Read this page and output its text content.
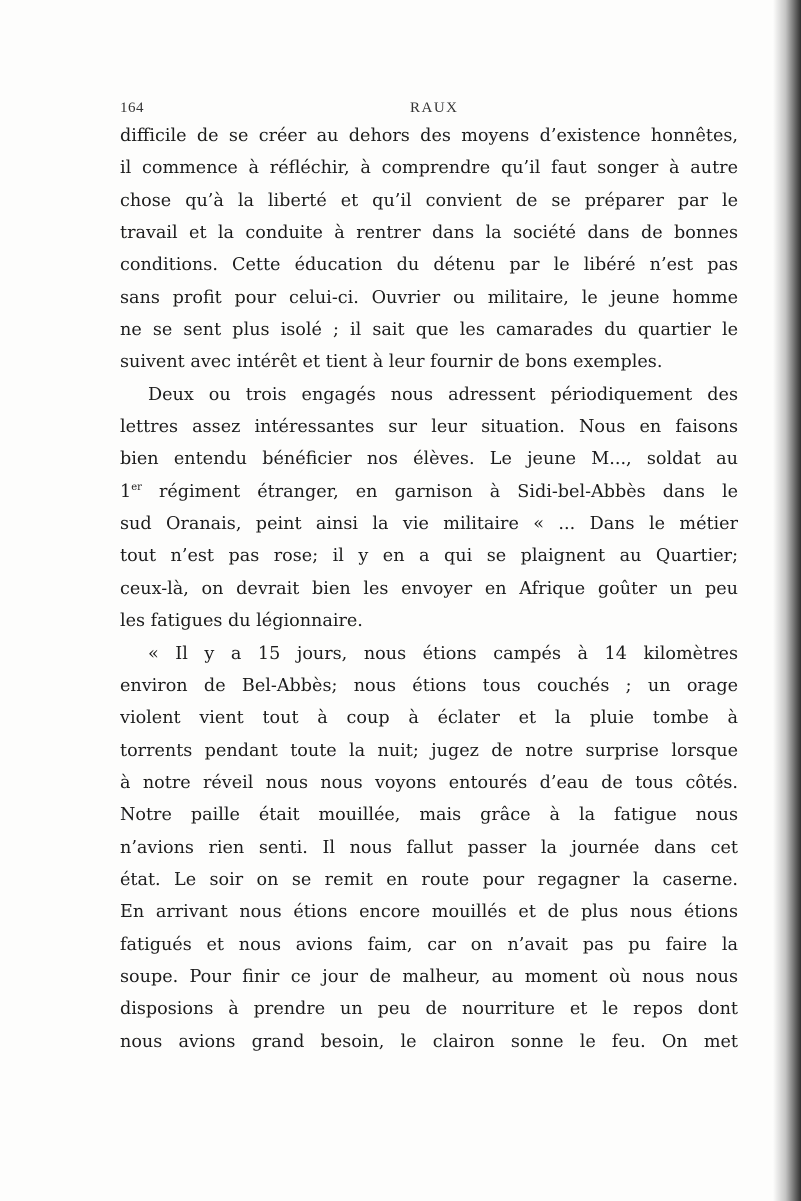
164	RAUX
difficile de se créer au dehors des moyens d’existence honnêtes,
il commence à réfléchir, à comprendre qu’il faut songer à autre
chose qu’à la liberté et qu’il convient de se préparer par le
travail et la conduite à rentrer dans la société dans de bonnes
conditions. Cette éducation du détenu par le libéré n’est pas
sans profit pour celui-ci. Ouvrier ou militaire, le jeune homme
ne se sent plus isolé ; il sait que les camarades du quartier le
suivent avec intérêt et tient à leur fournir de bons exemples.
Deux ou trois engagés nous adressent périodiquement des
lettres assez intéressantes sur leur situation. Nous en faisons
bien entendu bénéficier nos élèves. Le jeune M..., soldat au
1er régiment étranger, en garnison à Sidi-bel-Abbès dans le
sud Oranais, peint ainsi la vie militaire « ... Dans le métier
tout n’est pas rose; il y en a qui se plaignent au Quartier;
ceux-là, on devrait bien les envoyer en Afrique goûter un peu
les fatigues du légionnaire.
« Il y a 15 jours, nous étions campés à 14 kilomètres
environ de Bel-Abbès; nous étions tous couchés ; un orage
violent vient tout à coup à éclater et la pluie tombe à
torrents pendant toute la nuit; jugez de notre surprise lorsque
à notre réveil nous nous voyons entourés d’eau de tous côtés.
Notre paille était mouillée, mais grâce à la fatigue nous
n’avions rien senti. Il nous fallut passer la journée dans cet
état. Le soir on se remit en route pour regagner la caserne.
En arrivant nous étions encore mouillés et de plus nous étions
fatigués et nous avions faim, car on n’avait pas pu faire la
soupe. Pour finir ce jour de malheur, au moment où nous nous
disposions à prendre un peu de nourriture et le repos dont
nous avions grand besoin, le clairon sonne le feu. On met
